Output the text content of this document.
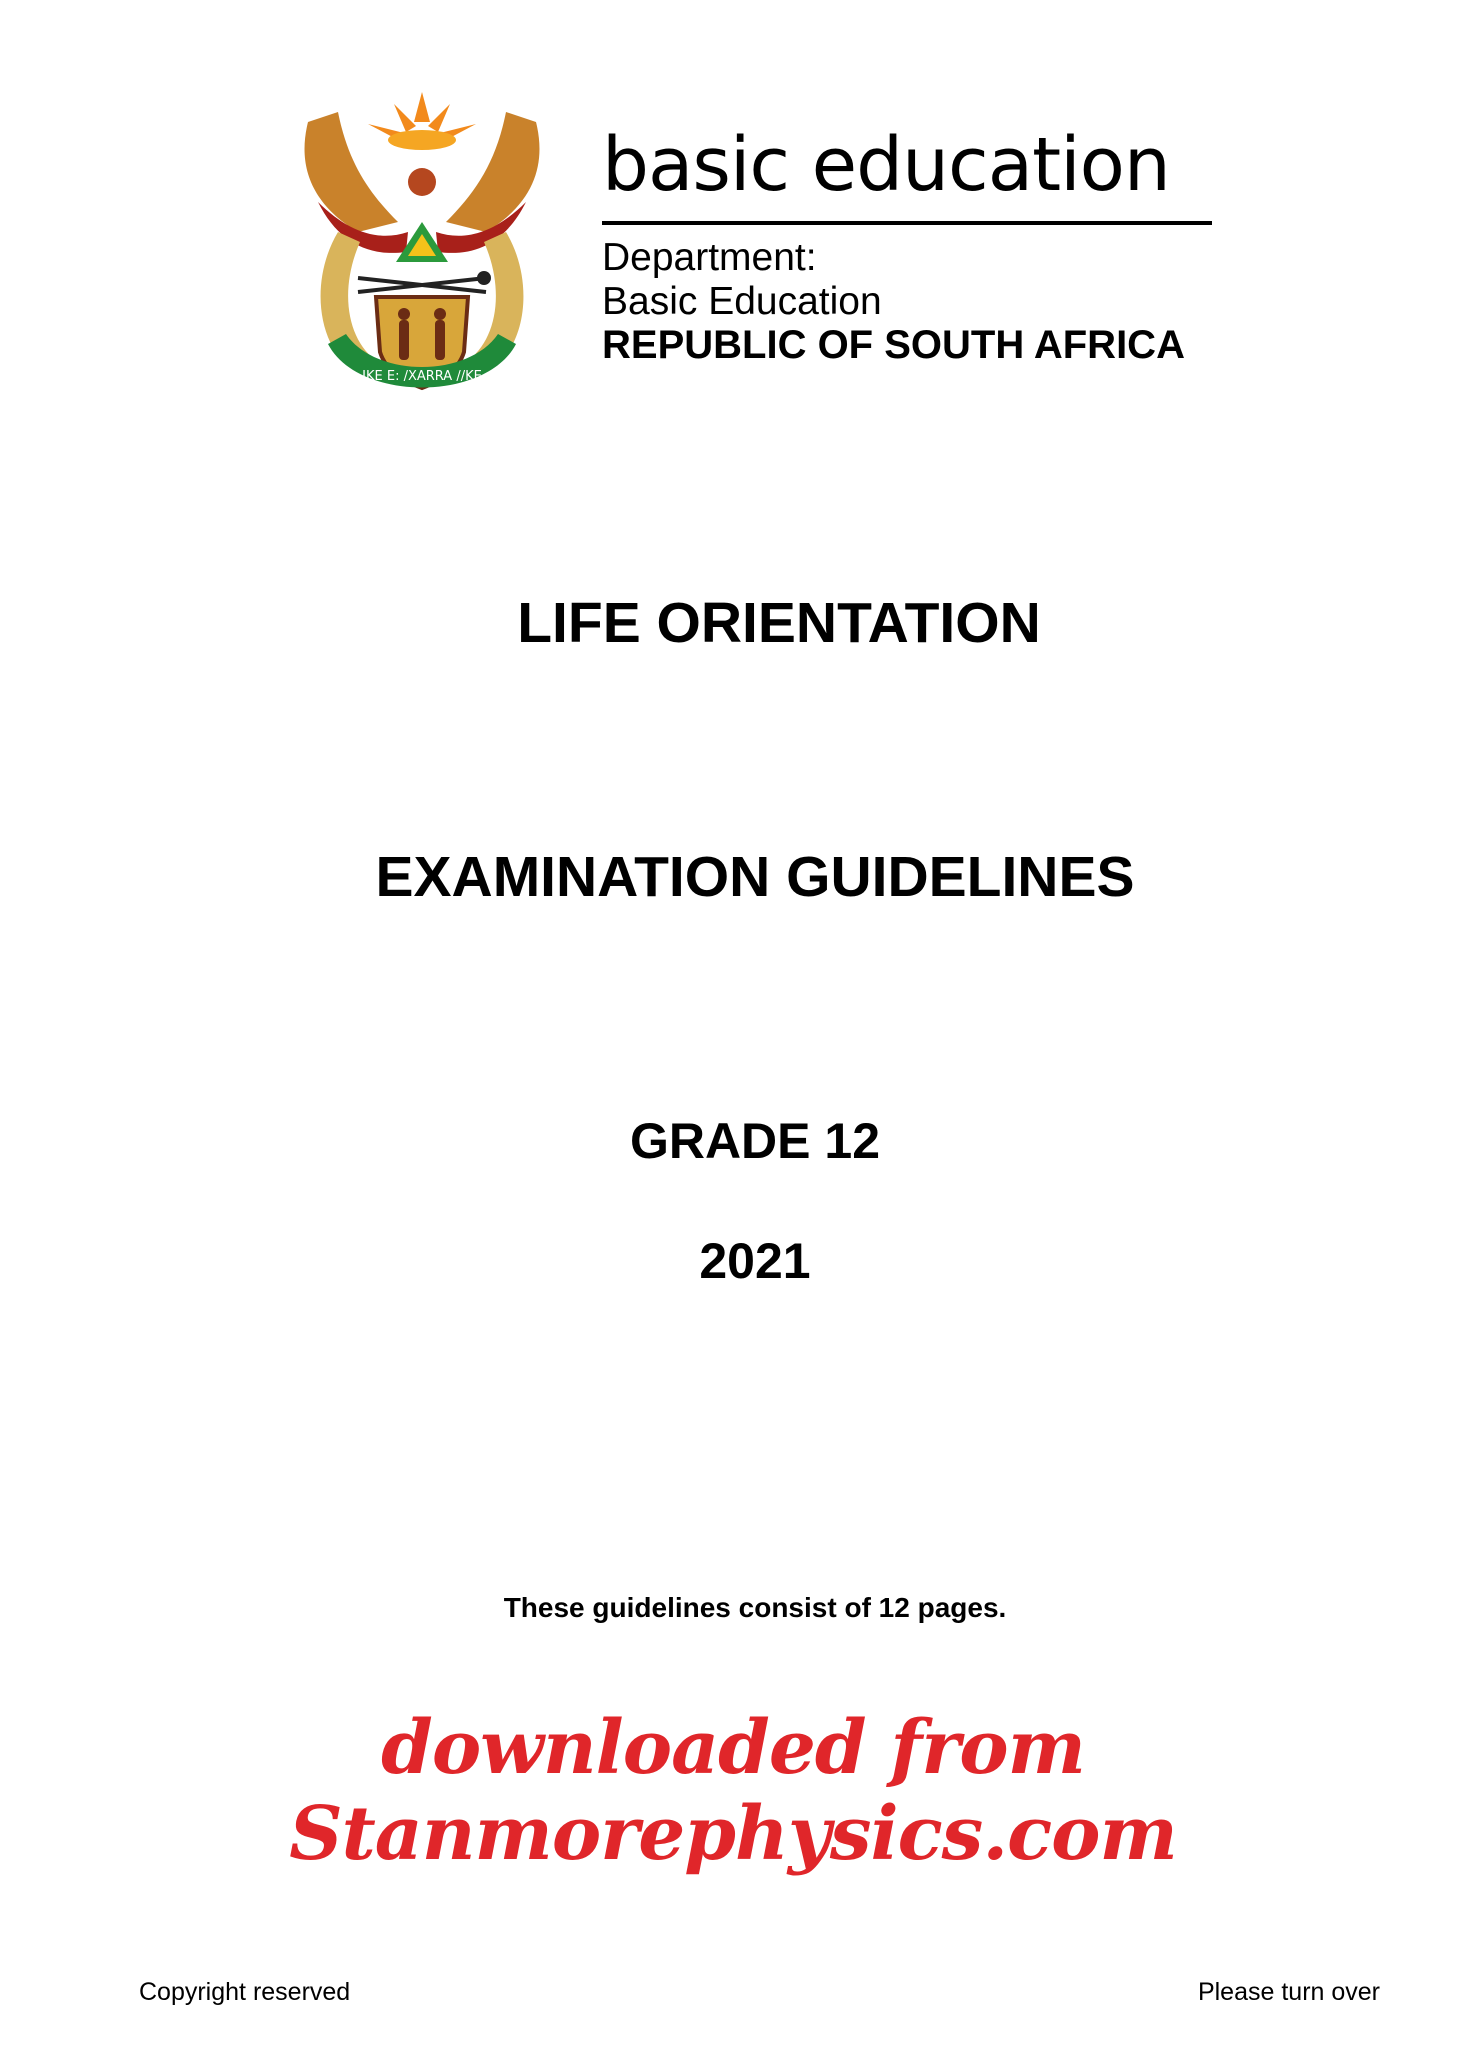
IKE E: /XARRA //KE
basic education
Department:
Basic Education
REPUBLIC OF SOUTH AFRICA
LIFE ORIENTATION
EXAMINATION GUIDELINES
GRADE 12
2021
These guidelines consist of 12 pages.
downloaded from Stanmorephysics.com
Copyright reserved	Please turn over
